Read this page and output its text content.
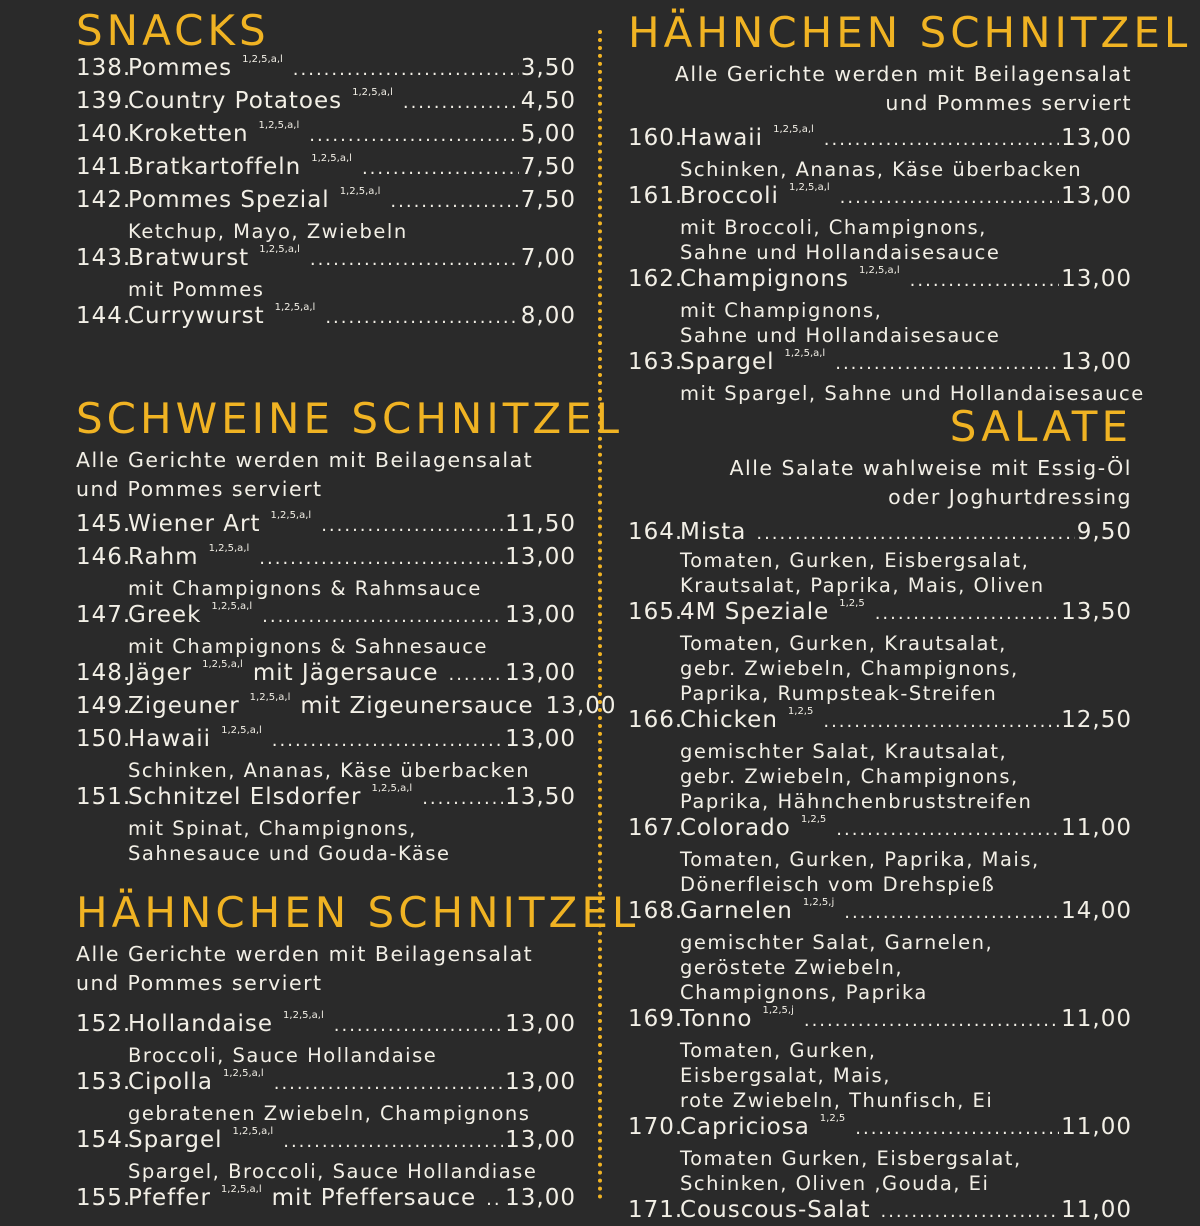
SNACKS
138.
Pommes 1,2,5,a,l .....	3,50
139.
Country Potatoes 1,2,5,a,l .....	4,50
140.
Kroketten 1,2,5,a,l .....	5,00
141.
Bratkartoffeln 1,2,5,a,l .....	7,50
142.
Pommes Spezial 1,2,5,a,l .....	7,50
Ketchup, Mayo, Zwiebeln
143.
Bratwurst 1,2,5,a,l .....	7,00
mit Pommes
144.
Currywurst 1,2,5,a,l .....	8,00
SCHWEINE SCHNITZEL
Alle Gerichte werden mit Beilagensalat
und Pommes serviert
145.
Wiener Art 1,2,5,a,l .....	11,50
146.
Rahm 1,2,5,a,l .....	13,00
mit Champignons & Rahmsauce
147.
Greek 1,2,5,a,l .....	13,00
mit Champignons & Sahnesauce
148.
Jäger 1,2,5,a,l mit Jägersauce .....	13,00
149.
Zigeuner 1,2,5,a,l mit Zigeunersauce 13,00
150.
Hawaii 1,2,5,a,l .....	13,00
Schinken, Ananas, Käse überbacken
151.
Schnitzel Elsdorfer 1,2,5,a,l .....	13,50
mit Spinat, Champignons,
Sahnesauce und Gouda-Käse
HÄHNCHEN SCHNITZEL
Alle Gerichte werden mit Beilagensalat
und Pommes serviert
152.
Hollandaise 1,2,5,a,l .....	13,00
Broccoli, Sauce Hollandaise
153.
Cipolla 1,2,5,a,l .....	13,00
gebratenen Zwiebeln, Champignons
154.
Spargel 1,2,5,a,l .....	13,00
Spargel, Broccoli, Sauce Hollandiase
155.
Pfeffer 1,2,5,a,l mit Pfeffersauce ..... 13,00
HÄHNCHEN SCHNITZEL
Alle Gerichte werden mit Beilagensalat
und Pommes serviert
160.
Hawaii 1,2,5,a,l .....	13,00
Schinken, Ananas, Käse überbacken
161.
Broccoli 1,2,5,a,l .....	13,00
mit Broccoli, Champignons,
Sahne und Hollandaisesauce
162.
Champignons 1,2,5,a,l .....	13,00
mit Champignons,
Sahne und Hollandaisesauce
163.
Spargel 1,2,5,a,l .....	13,00
mit Spargel, Sahne und Hollandaisesauce
SALATE
Alle Salate wahlweise mit Essig-Öl
oder Joghurtdressing
164.
Mista .....	9,50
Tomaten, Gurken, Eisbergsalat,
Krautsalat, Paprika, Mais, Oliven
165.
4M Speziale 1,2,5 .....	13,50
Tomaten, Gurken, Krautsalat,
gebr. Zwiebeln, Champignons,
Paprika, Rumpsteak-Streifen
166.
Chicken 1,2,5 .....	12,50
gemischter Salat, Krautsalat,
gebr. Zwiebeln, Champignons,
Paprika, Hähnchenbruststreifen
167.
Colorado 1,2,5 .....	11,00
Tomaten, Gurken, Paprika, Mais,
Dönerfleisch vom Drehspieß
168.
Garnelen 1,2,5,j .....	14,00
gemischter Salat, Garnelen,
geröstete Zwiebeln,
Champignons, Paprika
169.
Tonno 1,2,5,j .....	11,00
Tomaten, Gurken,
Eisbergsalat, Mais,
rote Zwiebeln, Thunfisch, Ei
170.
Capriciosa 1,2,5 .....	11,00
Tomaten Gurken, Eisbergsalat,
Schinken, Oliven ,Gouda, Ei
171.
Couscous-Salat .....	11,00
